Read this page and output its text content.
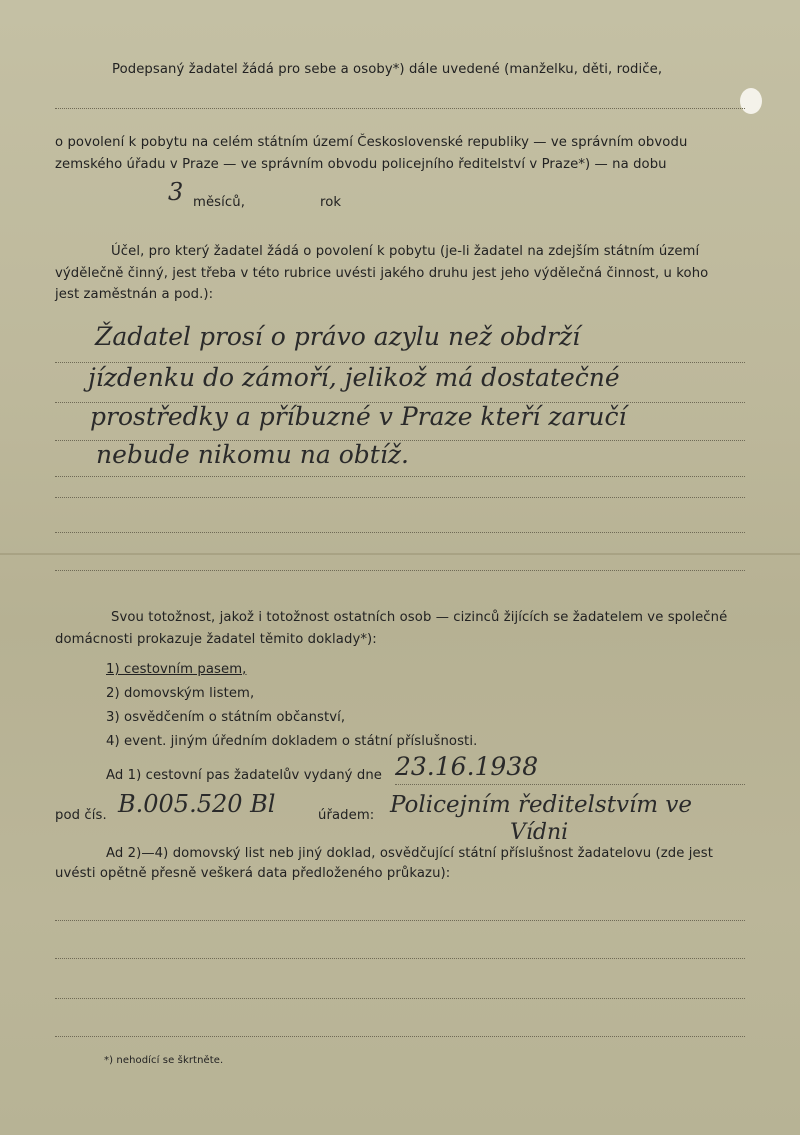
Podepsaný žadatel žádá pro sebe a osoby*) dále uvedené (manželku, děti, rodiče,
o povolení k pobytu na celém státním území Československé republiky — ve správním obvodu
zemského úřadu v Praze — ve správním obvodu policejního ředitelství v Praze*) — na dobu
3 měsíců,	rok
Účel, pro který žadatel žádá o povolení k pobytu (je-li žadatel na zdejším státním území
výdělečně činný, jest třeba v této rubrice uvésti jakého druhu jest jeho výdělečná činnost, u koho
jest zaměstnán a pod.):
Žadatel prosí o právo azylu než obdrží
jízdenku do zámoří, jelikož má dostatečné
prostředky a příbuzné v Praze kteří zaručí
nebude nikomu na obtíž.
Svou totožnost, jakož i totožnost ostatních osob — cizinců žijících se žadatelem ve společné
domácnosti prokazuje žadatel těmito doklady*):
1) cestovním pasem,
2) domovským listem,
3) osvědčením o státním občanství,
4) event. jiným úředním dokladem o státní příslušnosti.
Ad 1) cestovní pas žadatelův vydaný dne 23.16.1938
pod čís. B.005.520 Bl	úřadem: Policejním ředitelstvím ve
Vídni
Ad 2)—4) domovský list neb jiný doklad, osvědčující státní příslušnost žadatelovu (zde jest
uvésti opětně přesně veškerá data předloženého průkazu):
*) nehodící se škrtněte.
